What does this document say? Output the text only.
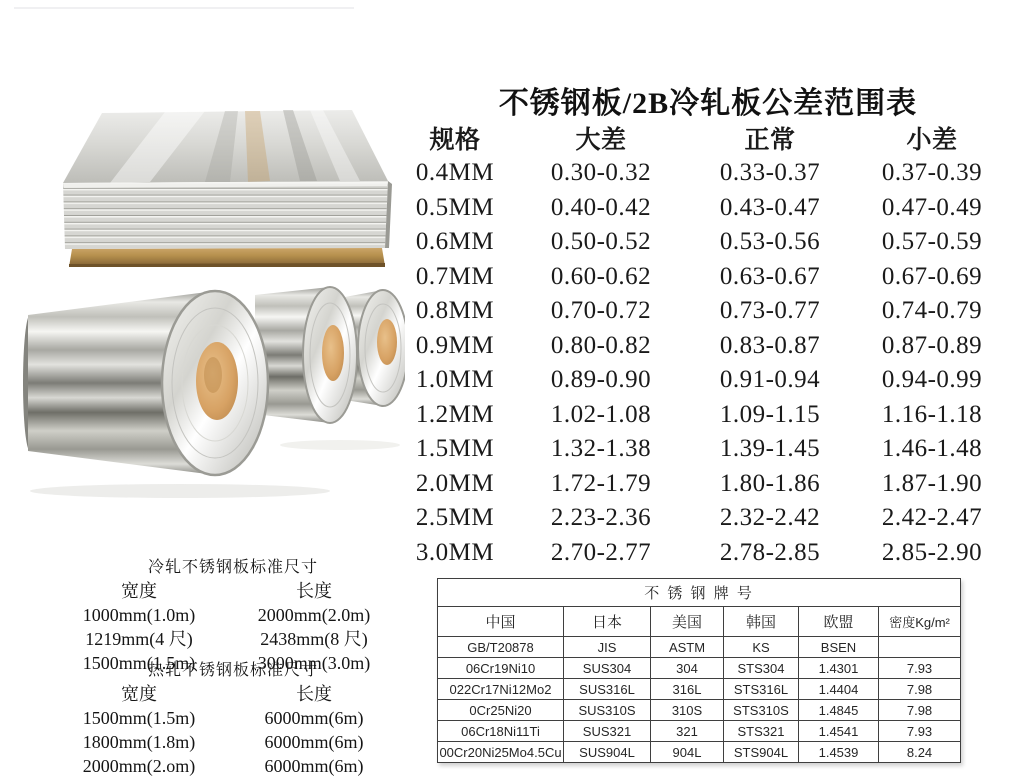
不锈钢板/2B冷轧板公差范围表
规格	大差	正常	小差
0.4MM	0.30-0.32	0.33-0.37	0.37-0.39
0.5MM	0.40-0.42	0.43-0.47	0.47-0.49
0.6MM	0.50-0.52	0.53-0.56	0.57-0.59
0.7MM	0.60-0.62	0.63-0.67	0.67-0.69
0.8MM	0.70-0.72	0.73-0.77	0.74-0.79
0.9MM	0.80-0.82	0.83-0.87	0.87-0.89
1.0MM	0.89-0.90	0.91-0.94	0.94-0.99
1.2MM	1.02-1.08	1.09-1.15	1.16-1.18
1.5MM	1.32-1.38	1.39-1.45	1.46-1.48
2.0MM	1.72-1.79	1.80-1.86	1.87-1.90
2.5MM	2.23-2.36	2.32-2.42	2.42-2.47
3.0MM	2.70-2.77	2.78-2.85	2.85-2.90
冷轧不锈钢板标准尺寸
宽度	长度
1000mm(1.0m)	2000mm(2.0m)
1219mm(4 尺)	2438mm(8 尺)
1500mm(1.5m)	3000mm(3.0m)
热轧不锈钢板标准尺寸
宽度	长度
1500mm(1.5m)	6000mm(6m)
1800mm(1.8m)	6000mm(6m)
2000mm(2.om)	6000mm(6m)
不 锈 钢 牌 号					
中国	日本	美国	韩国	欧盟	密度Kg/m²
GB/T20878	JIS	ASTM	KS	BSEN	
06Cr19Ni10	SUS304	304	STS304	1.4301	7.93
022Cr17Ni12Mo2	SUS316L	316L	STS316L	1.4404	7.98
0Cr25Ni20	SUS310S	310S	STS310S	1.4845	7.98
06Cr18Ni11Ti	SUS321	321	STS321	1.4541	7.93
00Cr20Ni25Mo4.5Cu	SUS904L	904L	STS904L	1.4539	8.24
